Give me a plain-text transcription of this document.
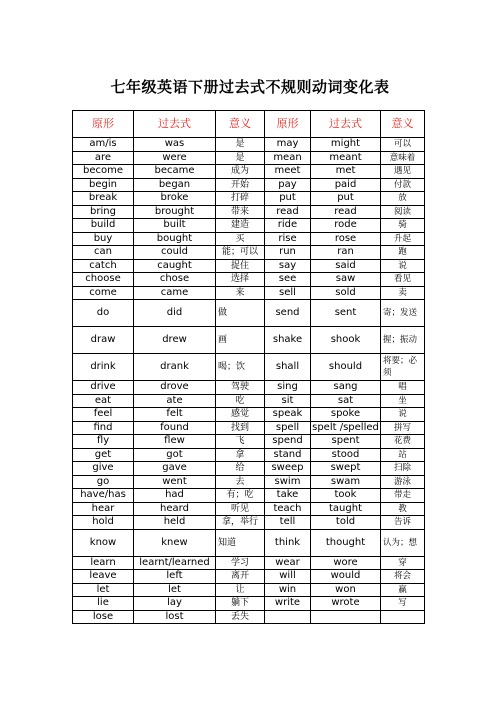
七年级英语下册过去式不规则动词变化表
原形	过去式	意义	原形	过去式	意义
am/is	was	是	may	might	可以
are	were	是	mean	meant	意味着
become	became	成为	meet	met	遇见
begin	began	开始	pay	paid	付款
break	broke	打碎	put	put	放
bring	brought	带来	read	read	阅读
build	built	建造	ride	rode	骑
buy	bought	买	rise	rose	升起
can	could	能；可以	run	ran	跑
catch	caught	捉住	say	said	说
choose	chose	选择	see	saw	看见
come	came	来	sell	sold	卖
do	did	做	send	sent	寄；发送
draw	drew	画	shake	shook	握；振动
drink	drank	喝；饮	shall	should	将要；必须
drive	drove	驾驶	sing	sang	唱
eat	ate	吃	sit	sat	坐
feel	felt	感觉	speak	spoke	说
find	found	找到	spell	spelt /spelled	拼写
fly	flew	飞	spend	spent	花费
get	got	拿	stand	stood	站
give	gave	给	sweep	swept	扫除
go	went	去	swim	swam	游泳
have/has	had	有；吃	take	took	带走
hear	heard	听见	teach	taught	教
hold	held	拿，举行	tell	told	告诉
know	knew	知道	think	thought	认为；想
learn	learnt/learned	学习	wear	wore	穿
leave	left	离开	will	would	将会
let	let	让	win	won	赢
lie	lay	躺下	write	wrote	写
lose	lost	丢失			
